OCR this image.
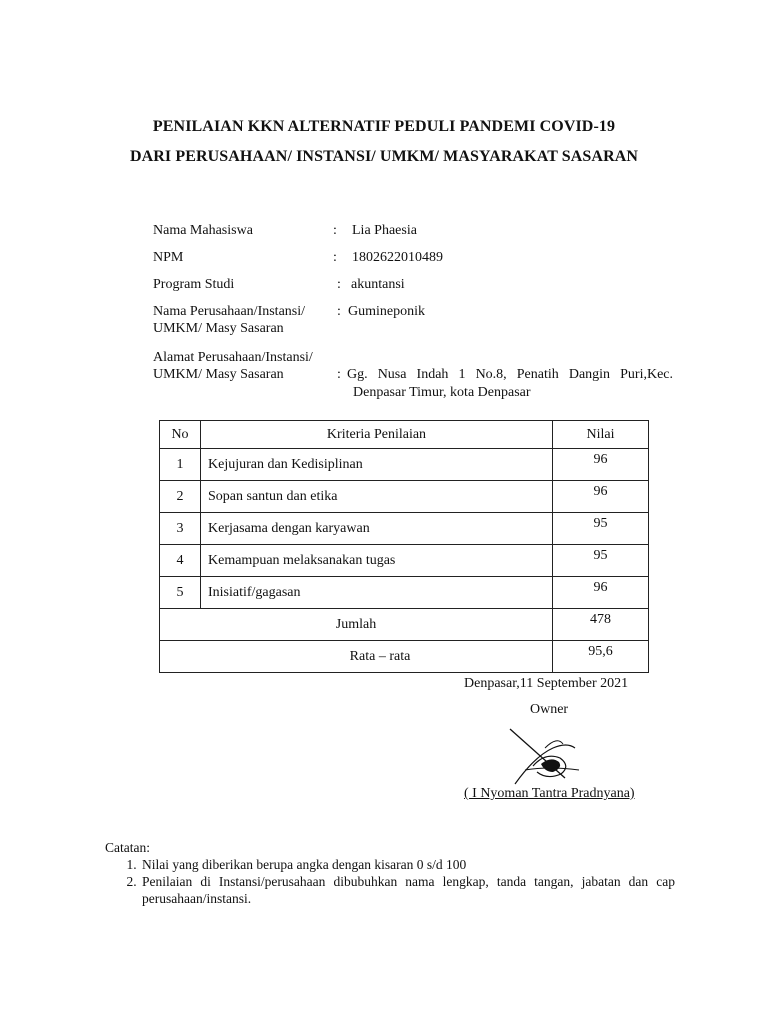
PENILAIAN KKN ALTERNATIF PEDULI PANDEMI COVID-19
DARI PERUSAHAAN/ INSTANSI/ UMKM/ MASYARAKAT SASARAN
Nama Mahasiswa	: Lia Phaesia
NPM	: 1802622010489
Program Studi	: akuntansi
Nama Perusahaan/Instansi/
UMKM/ Masy Sasaran
: Gumineponik
Alamat Perusahaan/Instansi/
UMKM/ Masy Sasaran	: Gg. Nusa Indah 1 No.8, Penatih Dangin Puri,Kec.
Denpasar Timur, kota Denpasar
No	Kriteria Penilaian	Nilai
1	Kejujuran dan Kedisiplinan	96
2	Sopan santun dan etika	96
3	Kerjasama dengan karyawan	95
4	Kemampuan melaksanakan tugas	95
5	Inisiatif/gagasan	96
Jumlah		478
Rata – rata		95,6
Denpasar,11 September 2021
Owner
( I Nyoman Tantra Pradnyana)
Catatan:
1. Nilai yang diberikan berupa angka dengan kisaran 0 s/d 100
2. Penilaian di Instansi/perusahaan dibubuhkan nama lengkap, tanda tangan, jabatan dan cap perusahaan/instansi.
